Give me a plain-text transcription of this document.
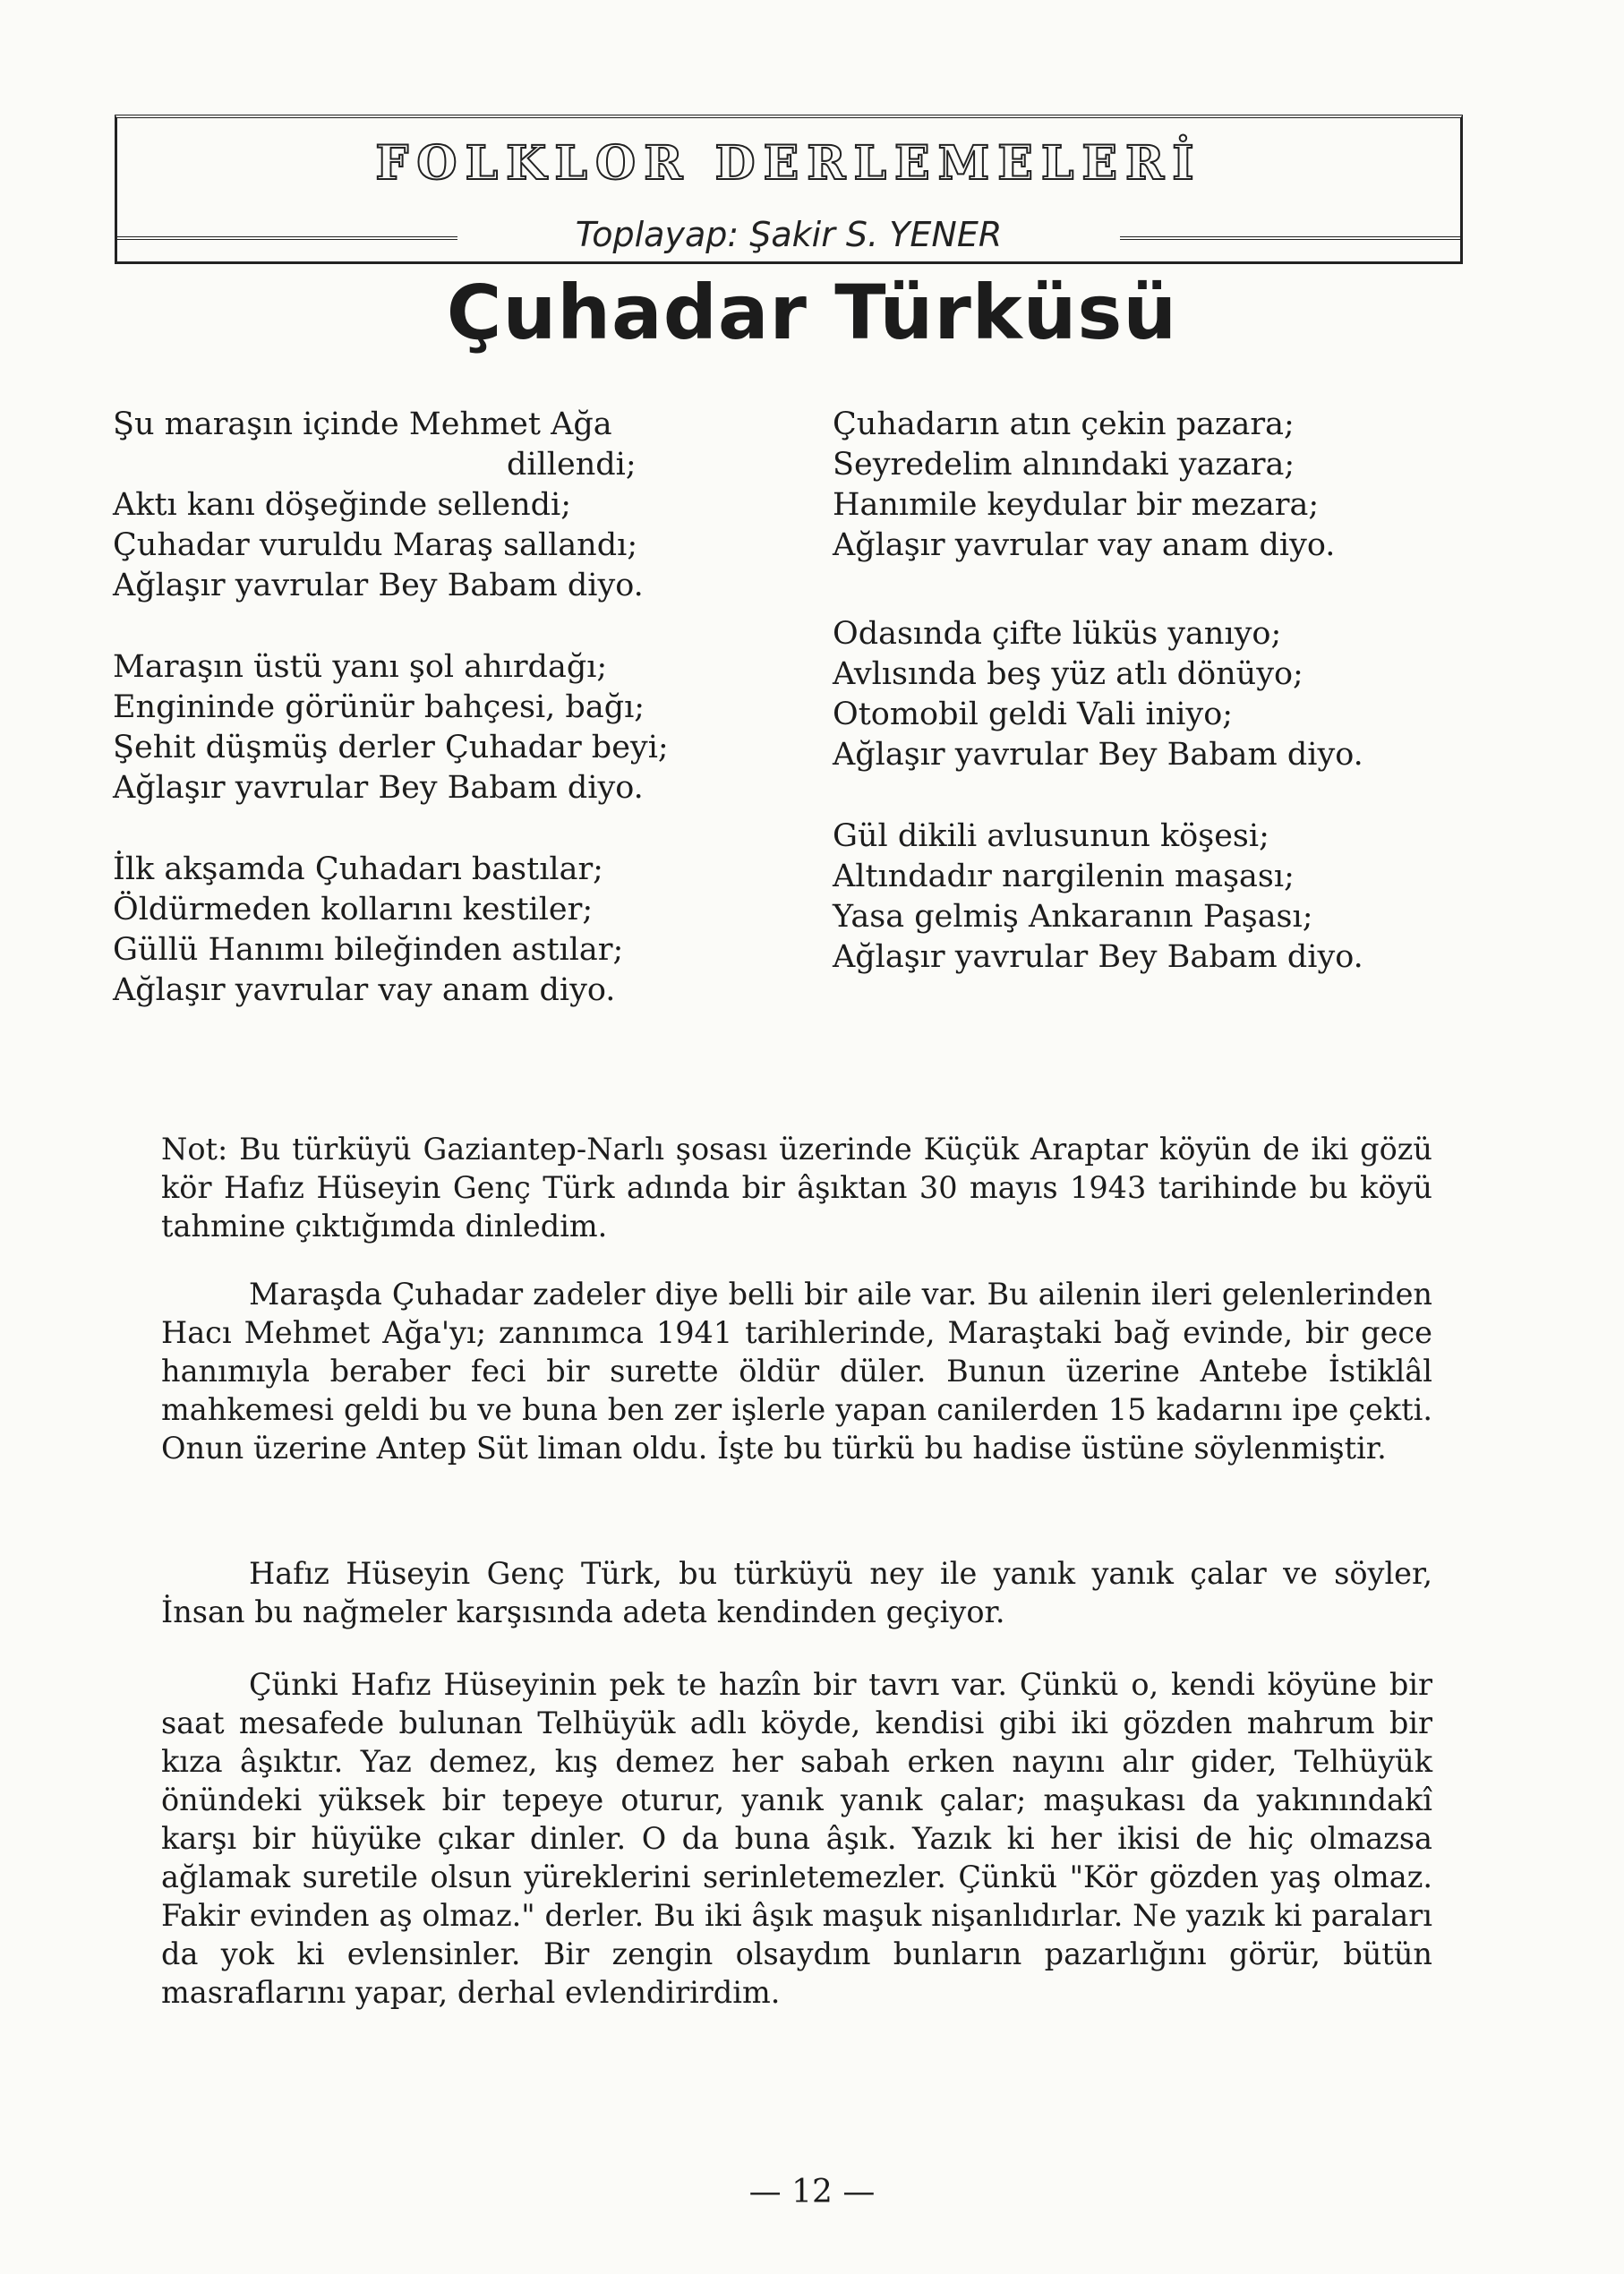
FOLKLOR DERLEMELERİ
Toplayap: Şakir S. YENER
Çuhadar Türküsü
Şu maraşın içinde Mehmet Ağa
dillendi;
Aktı kanı döşeğinde sellendi;
Çuhadar vuruldu Maraş sallandı;
Ağlaşır yavrular Bey Babam diyo.
Maraşın üstü yanı şol ahırdağı;
Engininde görünür bahçesi, bağı;
Şehit düşmüş derler Çuhadar beyi;
Ağlaşır yavrular Bey Babam diyo.
İlk akşamda Çuhadarı bastılar;
Öldürmeden kollarını kestiler;
Güllü Hanımı bileğinden astılar;
Ağlaşır yavrular vay anam diyo.
Çuhadarın atın çekin pazara;
Seyredelim alnındaki yazara;
Hanımile keydular bir mezara;
Ağlaşır yavrular vay anam diyo.
Odasında çifte lüküs yanıyo;
Avlısında beş yüz atlı dönüyo;
Otomobil geldi Vali iniyo;
Ağlaşır yavrular Bey Babam diyo.
Gül dikili avlusunun köşesi;
Altındadır nargilenin maşası;
Yasa gelmiş Ankaranın Paşası;
Ağlaşır yavrular Bey Babam diyo.
Not: Bu türküyü Gaziantep-Narlı şosası üzerinde Küçük Araptar köyün de iki gözü kör Hafız Hüseyin Genç Türk adında bir âşıktan 30 mayıs 1943 tarihinde bu köyü tahmine çıktığımda dinledim.
Maraşda Çuhadar zadeler diye belli bir aile var. Bu ailenin ileri gelenlerinden Hacı Mehmet Ağa'yı; zannımca 1941 tarihlerinde, Maraştaki bağ evinde, bir gece hanımıyla beraber feci bir surette öldür düler. Bunun üzerine Antebe İstiklâl mahkemesi geldi bu ve buna ben zer işlerle yapan canilerden 15 kadarını ipe çekti. Onun üzerine Antep Süt liman oldu. İşte bu türkü bu hadise üstüne söylenmiştir.
Hafız Hüseyin Genç Türk, bu türküyü ney ile yanık yanık çalar ve söyler, İnsan bu nağmeler karşısında adeta kendinden geçiyor.
Çünki Hafız Hüseyinin pek te hazîn bir tavrı var. Çünkü o, kendi köyüne bir saat mesafede bulunan Telhüyük adlı köyde, kendisi gibi iki gözden mahrum bir kıza âşıktır. Yaz demez, kış demez her sabah erken nayını alır gider, Telhüyük önündeki yüksek bir tepeye oturur, yanık yanık çalar; maşukası da yakınındakî karşı bir hüyüke çıkar dinler. O da buna âşık. Yazık ki her ikisi de hiç olmazsa ağlamak suretile olsun yüreklerini serinletemezler. Çünkü "Kör gözden yaş olmaz. Fakir evinden aş olmaz." derler. Bu iki âşık maşuk nişanlıdırlar. Ne yazık ki paraları da yok ki evlensinler. Bir zengin olsaydım bunların pazarlığını görür, bütün masraflarını yapar, derhal evlendirirdim.
— 12 —
